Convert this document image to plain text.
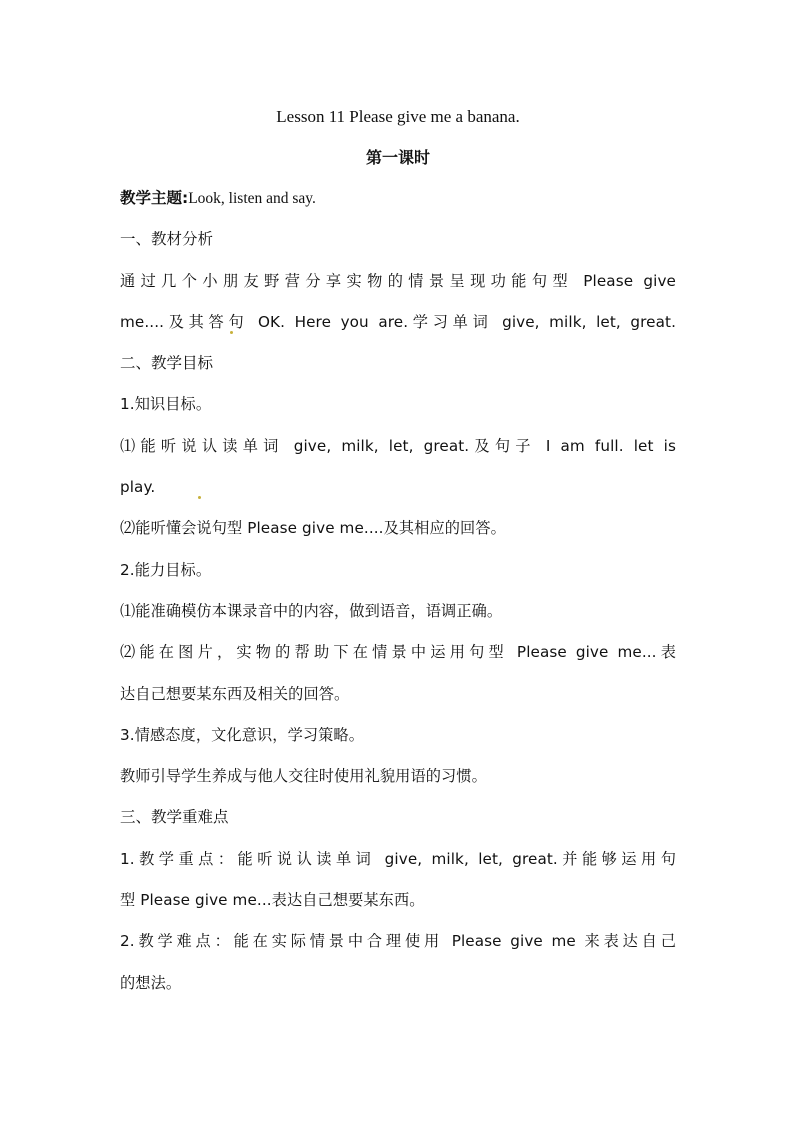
Lesson 11 Please give me a banana.
第一课时

教学主题:Look, listen and say.

一、教材分析

通过几个小朋友野营分享实物的情景呈现功能句型 Please give

me....及其答句 OK. Here you are.学习单词 give, milk, let, great.

二、教学目标

1.知识目标。

⑴能听说认读单词 give, milk, let, great.及句子 I am full. let is

play.

⑵能听懂会说句型 Please give me....及其相应的回答。

2.能力目标。

⑴能准确模仿本课录音中的内容，做到语音，语调正确。

⑵能在图片，实物的帮助下在情景中运用句型 Please give me...表

达自己想要某东西及相关的回答。

3.情感态度，文化意识，学习策略。

教师引导学生养成与他人交往时使用礼貌用语的习惯。

三、教学重难点

1.教学重点：能听说认读单词 give, milk, let, great.并能够运用句

型 Please give me...表达自己想要某东西。

2.教学难点：能在实际情景中合理使用 Please give me 来表达自己

的想法。
